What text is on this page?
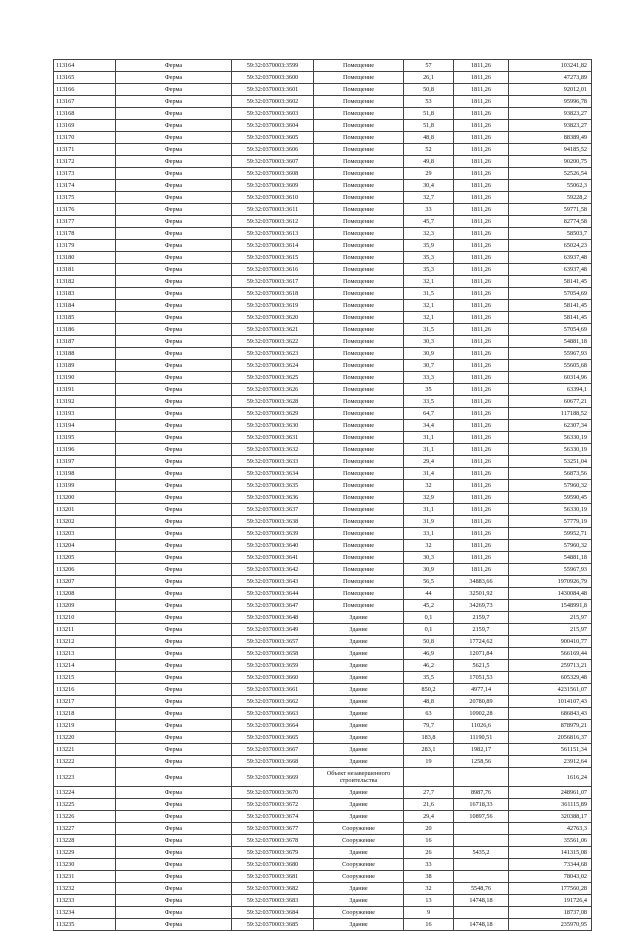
113164	Ферма	59:32:0370003:3599	Помещение	57	1811,26	103241,82
113165	Ферма	59:32:0370003:3600	Помещение	26,1	1811,26	47273,89
113166	Ферма	59:32:0370003:3601	Помещение	50,8	1811,26	92012,01
113167	Ферма	59:32:0370003:3602	Помещение	53	1811,26	95996,78
113168	Ферма	59:32:0370003:3603	Помещение	51,8	1811,26	93823,27
113169	Ферма	59:32:0370003:3604	Помещение	51,8	1811,26	93823,27
113170	Ферма	59:32:0370003:3605	Помещение	48,8	1811,26	88389,49
113171	Ферма	59:32:0370003:3606	Помещение	52	1811,26	94185,52
113172	Ферма	59:32:0370003:3607	Помещение	49,8	1811,26	90200,75
113173	Ферма	59:32:0370003:3608	Помещение	29	1811,26	52526,54
113174	Ферма	59:32:0370003:3609	Помещение	30,4	1811,26	55062,3
113175	Ферма	59:32:0370003:3610	Помещение	32,7	1811,26	59228,2
113176	Ферма	59:32:0370003:3611	Помещение	33	1811,26	59771,58
113177	Ферма	59:32:0370003:3612	Помещение	45,7	1811,26	82774,58
113178	Ферма	59:32:0370003:3613	Помещение	32,3	1811,26	58503,7
113179	Ферма	59:32:0370003:3614	Помещение	35,9	1811,26	65024,23
113180	Ферма	59:32:0370003:3615	Помещение	35,3	1811,26	63937,48
113181	Ферма	59:32:0370003:3616	Помещение	35,3	1811,26	63937,48
113182	Ферма	59:32:0370003:3617	Помещение	32,1	1811,26	58141,45
113183	Ферма	59:32:0370003:3618	Помещение	31,5	1811,26	57054,69
113184	Ферма	59:32:0370003:3619	Помещение	32,1	1811,26	58141,45
113185	Ферма	59:32:0370003:3620	Помещение	32,1	1811,26	58141,45
113186	Ферма	59:32:0370003:3621	Помещение	31,5	1811,26	57054,69
113187	Ферма	59:32:0370003:3622	Помещение	30,3	1811,26	54881,18
113188	Ферма	59:32:0370003:3623	Помещение	30,9	1811,26	55967,93
113189	Ферма	59:32:0370003:3624	Помещение	30,7	1811,26	55605,68
113190	Ферма	59:32:0370003:3625	Помещение	33,3	1811,26	60314,96
113191	Ферма	59:32:0370003:3626	Помещение	35	1811,26	63394,1
113192	Ферма	59:32:0370003:3628	Помещение	33,5	1811,26	60677,21
113193	Ферма	59:32:0370003:3629	Помещение	64,7	1811,26	117188,52
113194	Ферма	59:32:0370003:3630	Помещение	34,4	1811,26	62307,34
113195	Ферма	59:32:0370003:3631	Помещение	31,1	1811,26	56330,19
113196	Ферма	59:32:0370003:3632	Помещение	31,1	1811,26	56330,19
113197	Ферма	59:32:0370003:3633	Помещение	29,4	1811,26	53251,04
113198	Ферма	59:32:0370003:3634	Помещение	31,4	1811,26	56873,56
113199	Ферма	59:32:0370003:3635	Помещение	32	1811,26	57960,32
113200	Ферма	59:32:0370003:3636	Помещение	32,9	1811,26	59590,45
113201	Ферма	59:32:0370003:3637	Помещение	31,1	1811,26	56330,19
113202	Ферма	59:32:0370003:3638	Помещение	31,9	1811,26	57779,19
113203	Ферма	59:32:0370003:3639	Помещение	33,1	1811,26	59952,71
113204	Ферма	59:32:0370003:3640	Помещение	32	1811,26	57960,32
113205	Ферма	59:32:0370003:3641	Помещение	30,3	1811,26	54881,18
113206	Ферма	59:32:0370003:3642	Помещение	30,9	1811,26	55967,93
113207	Ферма	59:32:0370003:3643	Помещение	56,5	34883,66	1970926,79
113208	Ферма	59:32:0370003:3644	Помещение	44	32501,92	1430084,48
113209	Ферма	59:32:0370003:3647	Помещение	45,2	34269,73	1548991,8
113210	Ферма	59:32:0370003:3648	Здание	0,1	2159,7	215,97
113211	Ферма	59:32:0370003:3649	Здание	0,1	2159,7	215,97
113212	Ферма	59:32:0370003:3657	Здание	50,8	17724,62	900410,77
113213	Ферма	59:32:0370003:3658	Здание	46,9	12071,84	566169,44
113214	Ферма	59:32:0370003:3659	Здание	46,2	5621,5	259713,21
113215	Ферма	59:32:0370003:3660	Здание	35,5	17051,53	605329,48
113216	Ферма	59:32:0370003:3661	Здание	850,2	4977,14	4231561,07
113217	Ферма	59:32:0370003:3662	Здание	48,8	20780,89	1014107,43
113218	Ферма	59:32:0370003:3663	Здание	63	10902,28	686843,43
113219	Ферма	59:32:0370003:3664	Здание	79,7	11026,6	878979,21
113220	Ферма	59:32:0370003:3665	Здание	183,8	11190,51	2056816,37
113221	Ферма	59:32:0370003:3667	Здание	283,1	1982,17	561151,34
113222	Ферма	59:32:0370003:3668	Здание	19	1258,56	23912,64
113223	Ферма	59:32:0370003:3669	Объект незавершенного строительства			1616,24
113224	Ферма	59:32:0370003:3670	Здание	27,7	8987,76	248961,07
113225	Ферма	59:32:0370003:3672	Здание	21,6	16718,33	361115,89
113226	Ферма	59:32:0370003:3674	Здание	29,4	10897,56	320388,17
113227	Ферма	59:32:0370003:3677	Сооружение	20		42763,3
113228	Ферма	59:32:0370003:3678	Сооружение	16		35561,06
113229	Ферма	59:32:0370003:3679	Здание	26	5435,2	141315,08
113230	Ферма	59:32:0370003:3680	Сооружение	33		73344,68
113231	Ферма	59:32:0370003:3681	Сооружение	38		78043,02
113232	Ферма	59:32:0370003:3682	Здание	32	5548,76	177560,28
113233	Ферма	59:32:0370003:3683	Здание	13	14748,18	191726,4
113234	Ферма	59:32:0370003:3684	Сооружение	9		18737,08
113235	Ферма	59:32:0370003:3685	Здание	16	14748,18	235970,95
